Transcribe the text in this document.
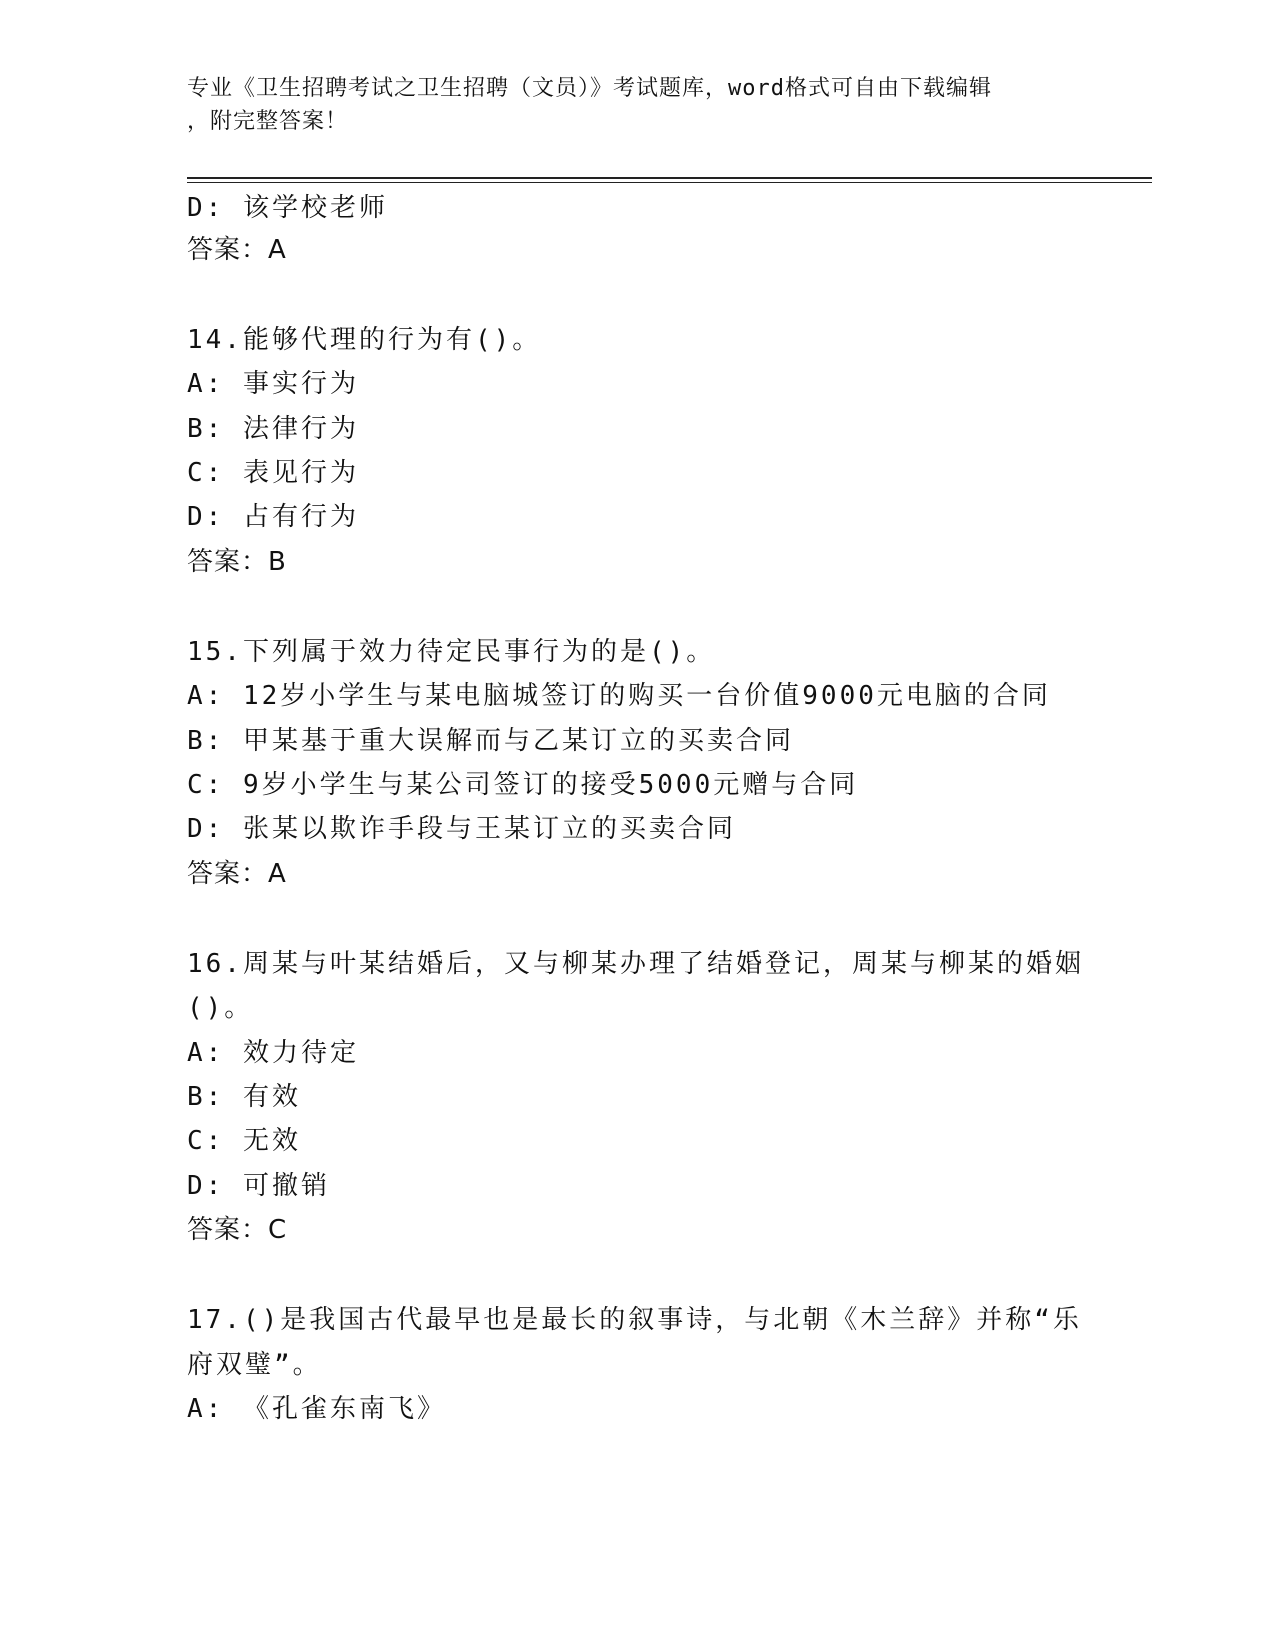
专业《卫生招聘考试之卫生招聘（文员）》考试题库，word格式可自由下载编辑
，附完整答案！
D: 该学校老师
答案：A
14.能够代理的行为有()。
A: 事实行为
B: 法律行为
C: 表见行为
D: 占有行为
答案：B
15.下列属于效力待定民事行为的是()。
A: 12岁小学生与某电脑城签订的购买一台价值9000元电脑的合同
B: 甲某基于重大误解而与乙某订立的买卖合同
C: 9岁小学生与某公司签订的接受5000元赠与合同
D: 张某以欺诈手段与王某订立的买卖合同
答案：A
16.周某与叶某结婚后，又与柳某办理了结婚登记，周某与柳某的婚姻
()。
A: 效力待定
B: 有效
C: 无效
D: 可撤销
答案：C
17.()是我国古代最早也是最长的叙事诗，与北朝《木兰辞》并称“乐
府双璧”。
A: 《孔雀东南飞》
